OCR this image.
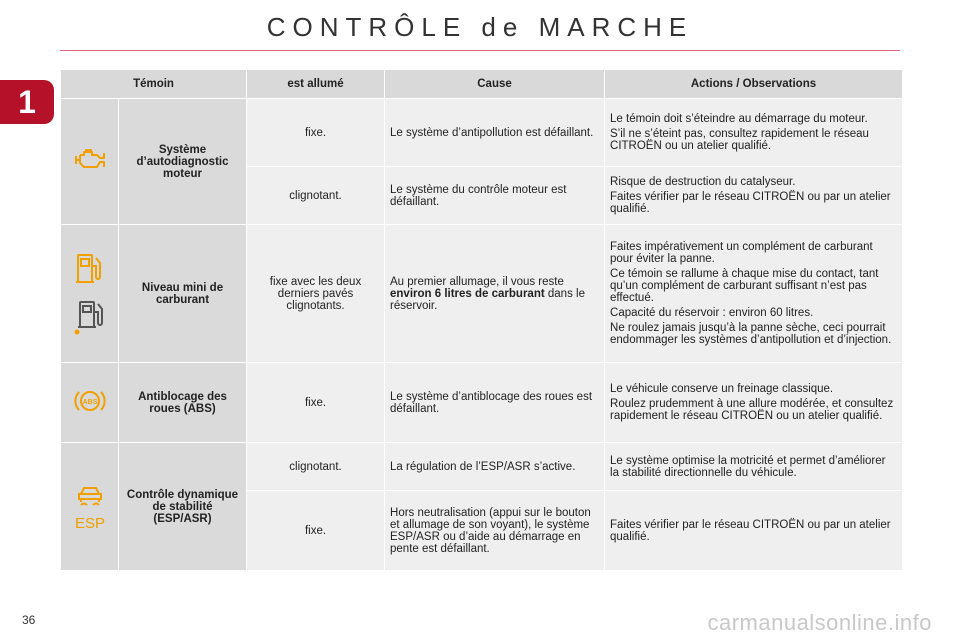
CONTRÔLE de MARCHE
1	Témoin		est allumé	Cause	Actions / Observations
	Système d’autodiagnostic moteur	fixe.	Le système d’antipollution est défaillant.	Le témoin doit s’éteindre au démarrage du moteur.

S’il ne s’éteint pas, consultez rapidement le réseau CITROËN ou un atelier qualifié.

		clignotant.	Le système du contrôle moteur est défaillant.	Risque de destruction du catalyseur.

Faites vérifier par le réseau CITROËN ou par un atelier qualifié.

	Niveau mini de carburant	fixe avec les deux derniers pavés clignotants.	Au premier allumage, il vous reste environ 6 litres de carburant dans le réservoir.	Faites impérativement un complément de carburant pour éviter la panne.

Ce témoin se rallume à chaque mise du contact, tant qu’un complément de carburant suffisant n’est pas effectué.

Capacité du réservoir : environ 60 litres.

Ne roulez jamais jusqu’à la panne sèche, ceci pourrait endommager les systèmes d’antipollution et d’injection.

ABS	Antiblocage des roues (ABS)	fixe.	Le système d’antiblocage des roues est défaillant.	Le véhicule conserve un freinage classique.

Roulez prudemment à une allure modérée, et consultez rapidement le réseau CITROËN ou un atelier qualifié.

ESP	Contrôle dynamique de stabilité (ESP/ASR)	clignotant.	La régulation de l’ESP/ASR s’active.	Le système optimise la motricité et permet d’améliorer la stabilité directionnelle du véhicule.

		fixe.	Hors neutralisation (appui sur le bouton et allumage de son voyant), le système ESP/ASR ou d’aide au démarrage en pente est défaillant.	Faites vérifier par le réseau CITROËN ou par un atelier qualifié.

36	carmanualsonline.info
